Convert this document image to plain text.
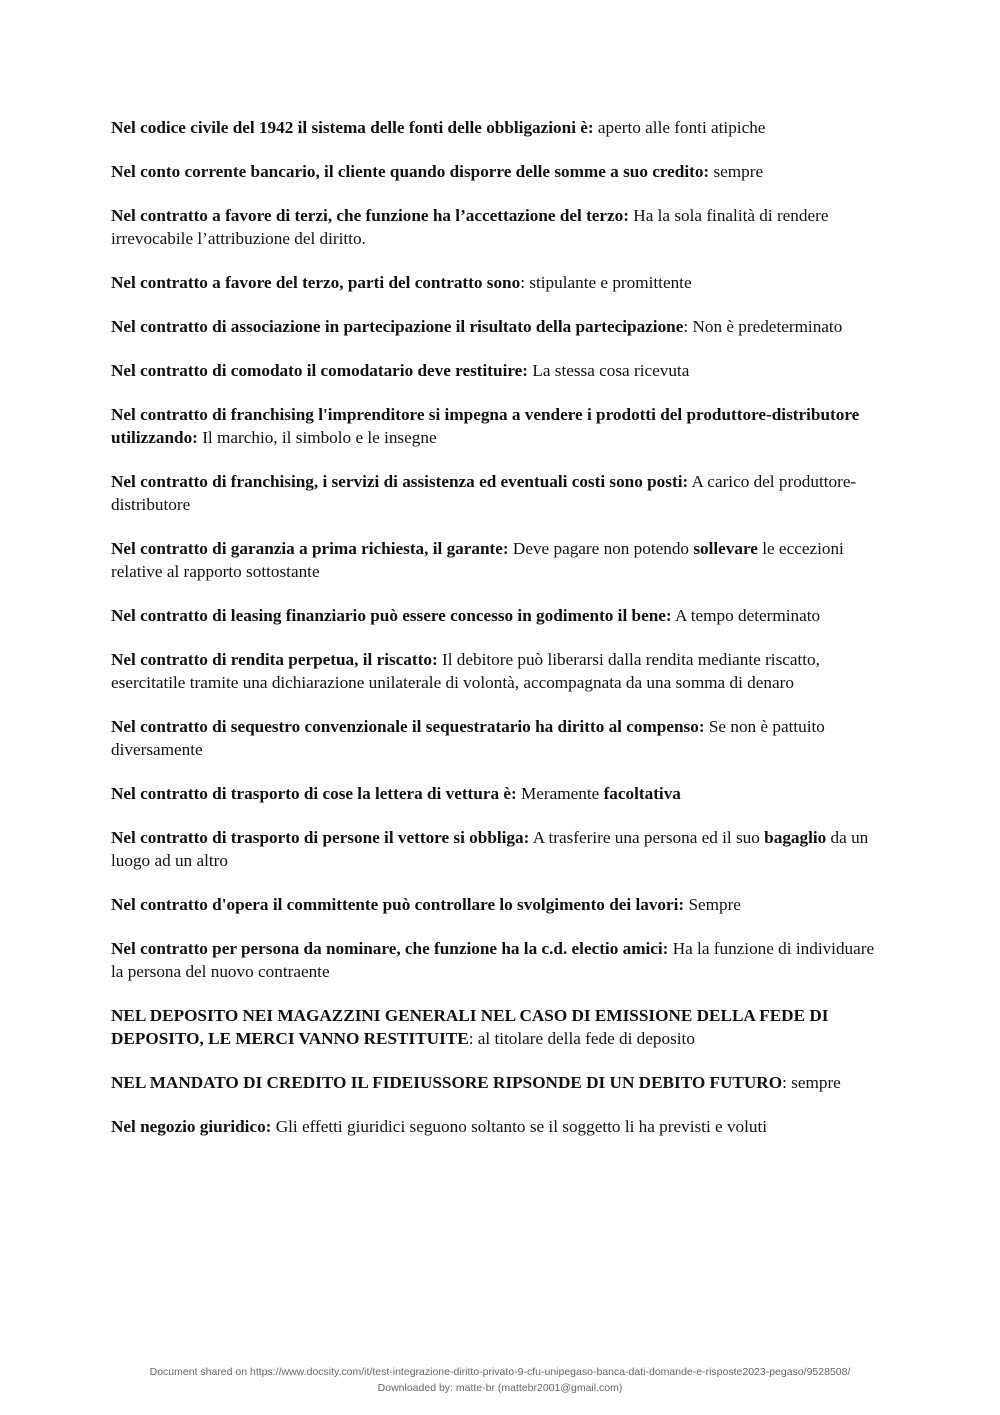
Nel codice civile del 1942 il sistema delle fonti delle obbligazioni è: aperto alle fonti atipiche

Nel conto corrente bancario, il cliente quando disporre delle somme a suo credito: sempre

Nel contratto a favore di terzi, che funzione ha l’accettazione del terzo: Ha la sola finalità di rendere irrevocabile l’attribuzione del diritto.

Nel contratto a favore del terzo, parti del contratto sono: stipulante e promittente

Nel contratto di associazione in partecipazione il risultato della partecipazione: Non è predeterminato

Nel contratto di comodato il comodatario deve restituire: La stessa cosa ricevuta

Nel contratto di franchising l'imprenditore si impegna a vendere i prodotti del produttore-distributore utilizzando: Il marchio, il simbolo e le insegne

Nel contratto di franchising, i servizi di assistenza ed eventuali costi sono posti: A carico del produttore- distributore

Nel contratto di garanzia a prima richiesta, il garante: Deve pagare non potendo sollevare le eccezioni relative al rapporto sottostante

Nel contratto di leasing finanziario può essere concesso in godimento il bene: A tempo determinato

Nel contratto di rendita perpetua, il riscatto: Il debitore può liberarsi dalla rendita mediante riscatto, esercitatile tramite una dichiarazione unilaterale di volontà, accompagnata da una somma di denaro

Nel contratto di sequestro convenzionale il sequestratario ha diritto al compenso: Se non è pattuito diversamente

Nel contratto di trasporto di cose la lettera di vettura è: Meramente facoltativa

Nel contratto di trasporto di persone il vettore si obbliga: A trasferire una persona ed il suo bagaglio da un luogo ad un altro

Nel contratto d'opera il committente può controllare lo svolgimento dei lavori: Sempre

Nel contratto per persona da nominare, che funzione ha la c.d. electio amici: Ha la funzione di individuare la persona del nuovo contraente

NEL DEPOSITO NEI MAGAZZINI GENERALI NEL CASO DI EMISSIONE DELLA FEDE DI DEPOSITO, LE MERCI VANNO RESTITUITE: al titolare della fede di deposito

NEL MANDATO DI CREDITO IL FIDEIUSSORE RIPSONDE DI UN DEBITO FUTURO: sempre

Nel negozio giuridico: Gli effetti giuridici seguono soltanto se il soggetto li ha previsti e voluti

Document shared on https://www.docsity.com/it/test-integrazione-diritto-privato-9-cfu-unipegaso-banca-dati-domande-e-risposte2023-pegaso/9528508/
Downloaded by: matte-br (mattebr2001@gmail.com)
